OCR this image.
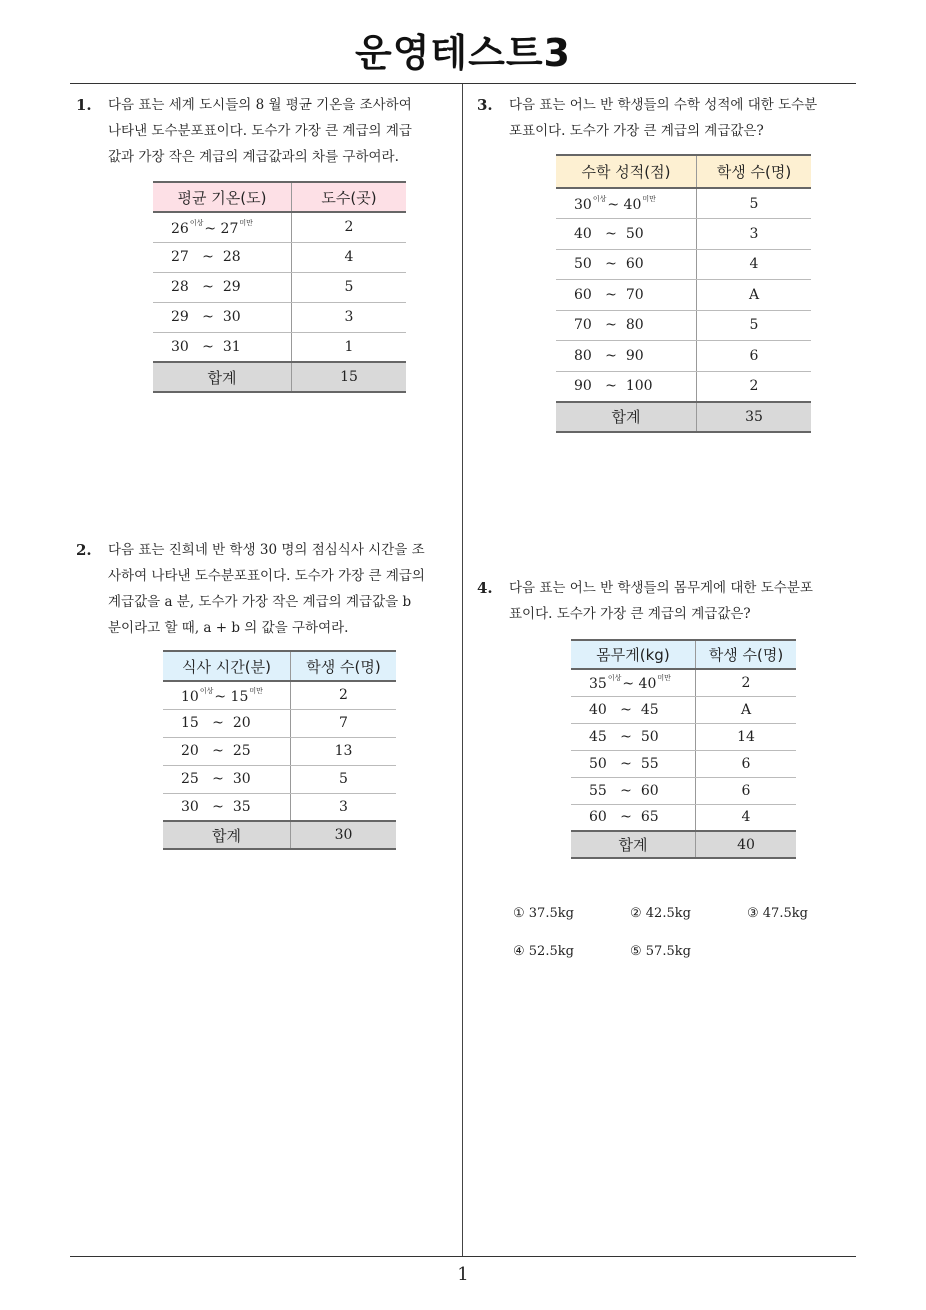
운영테스트3
1
1. 다음 표는 세계 도시들의 8 월 평균 기온을 조사하여
나타낸 도수분포표이다. 도수가 가장 큰 계급의 계급
값과 가장 작은 계급의 계급값과의 차를 구하여라.
평균 기온(도)	도수(곳)
$26^{이상}\sim$ $27^{미만}$	2
27   ~  28	4
28   ~  29	5
29   ~  30	3
30   ~  31	1
합계	15
2. 다음 표는 진희네 반 학생 30 명의 점심식사 시간을 조
사하여 나타낸 도수분포표이다. 도수가 가장 큰 계급의
계급값을 a 분, 도수가 가장 작은 계급의 계급값을 b
분이라고 할 때, a + b 의 값을 구하여라.
식사 시간(분)	학생 수(명)
$10^{이상}\sim$ $15^{미만}$	2
15   ~  20	7
20   ~  25	13
25   ~  30	5
30   ~  35	3
합계	30
3. 다음 표는 어느 반 학생들의 수학 성적에 대한 도수분
포표이다. 도수가 가장 큰 계급의 계급값은?
수학 성적(점)	학생 수(명)
$30^{이상}\sim$ $40^{미만}$	5
40   ~  50	3
50   ~  60	4
60   ~  70	A
70   ~  80	5
80   ~  90	6
90   ~  100	2
합계	35
4. 다음 표는 어느 반 학생들의 몸무게에 대한 도수분포
표이다. 도수가 가장 큰 계급의 계급값은?
몸무게(kg)	학생 수(명)
$35^{이상}\sim$ $40^{미만}$	2
40   ~  45	A
45   ~  50	14
50   ~  55	6
55   ~  60	6
60   ~  65	4
합계	40
① 37.5kg	② 42.5kg	③ 47.5kg
④ 52.5kg	⑤ 57.5kg
